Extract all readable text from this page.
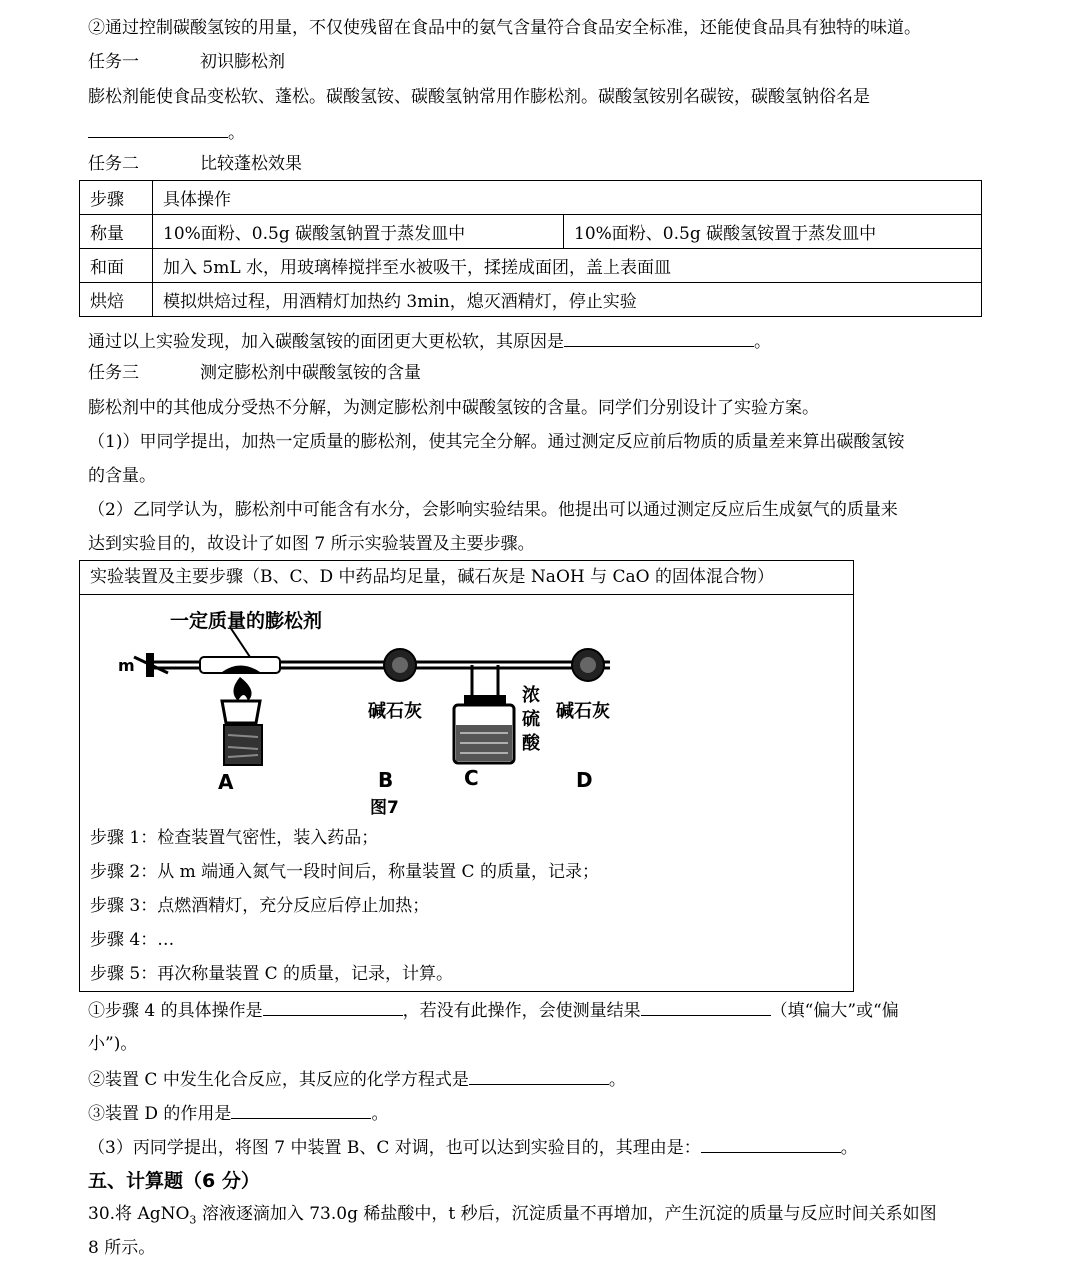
②通过控制碳酸氢铵的用量，不仅使残留在食品中的氨气含量符合食品安全标准，还能使食品具有独特的味道。
任务一	初识膨松剂
膨松剂能使食品变松软、蓬松。碳酸氢铵、碳酸氢钠常用作膨松剂。碳酸氢铵别名碳铵，碳酸氢钠俗名是
。
任务二	比较蓬松效果
步骤	具体操作	
称量	10%面粉、0.5g 碳酸氢钠置于蒸发皿中	10%面粉、0.5g 碳酸氢铵置于蒸发皿中
和面	加入 5mL 水，用玻璃棒搅拌至水被吸干，揉搓成面团，盖上表面皿	
烘焙	模拟烘焙过程，用酒精灯加热约 3min，熄灭酒精灯，停止实验	
通过以上实验发现，加入碳酸氢铵的面团更大更松软，其原因是	。
任务三	测定膨松剂中碳酸氢铵的含量
膨松剂中的其他成分受热不分解，为测定膨松剂中碳酸氢铵的含量。同学们分别设计了实验方案。
（1)）甲同学提出，加热一定质量的膨松剂，使其完全分解。通过测定反应前后物质的质量差来算出碳酸氢铵
的含量。
（2）乙同学认为，膨松剂中可能含有水分，会影响实验结果。他提出可以通过测定反应后生成氨气的质量来
达到实验目的，故设计了如图 7 所示实验装置及主要步骤。
实验装置及主要步骤（B、C、D 中药品均足量，碱石灰是 NaOH 与 CaO 的固体混合物）
m
一定质量的膨松剂
碱石灰
浓
硫
酸
碱石灰
A	B	C	D
图7
步骤 1：检查装置气密性，装入药品；
步骤 2：从 m 端通入氮气一段时间后，称量装置 C 的质量，记录；
步骤 3：点燃酒精灯，充分反应后停止加热；
步骤 4：…
步骤 5：再次称量装置 C 的质量，记录，计算。
①步骤 4 的具体操作是	，若没有此操作，会使测量结果	（填“偏大”或“偏
小”)。
②装置 C 中发生化合反应，其反应的化学方程式是	。
③装置 D 的作用是	。
（3）丙同学提出，将图 7 中装置 B、C 对调，也可以达到实验目的，其理由是：	。
五、计算题（6 分）
30.将 AgNO$_3$ 溶液逐滴加入 73.0g 稀盐酸中，t 秒后，沉淀质量不再增加，产生沉淀的质量与反应时间关系如图
8 所示。
